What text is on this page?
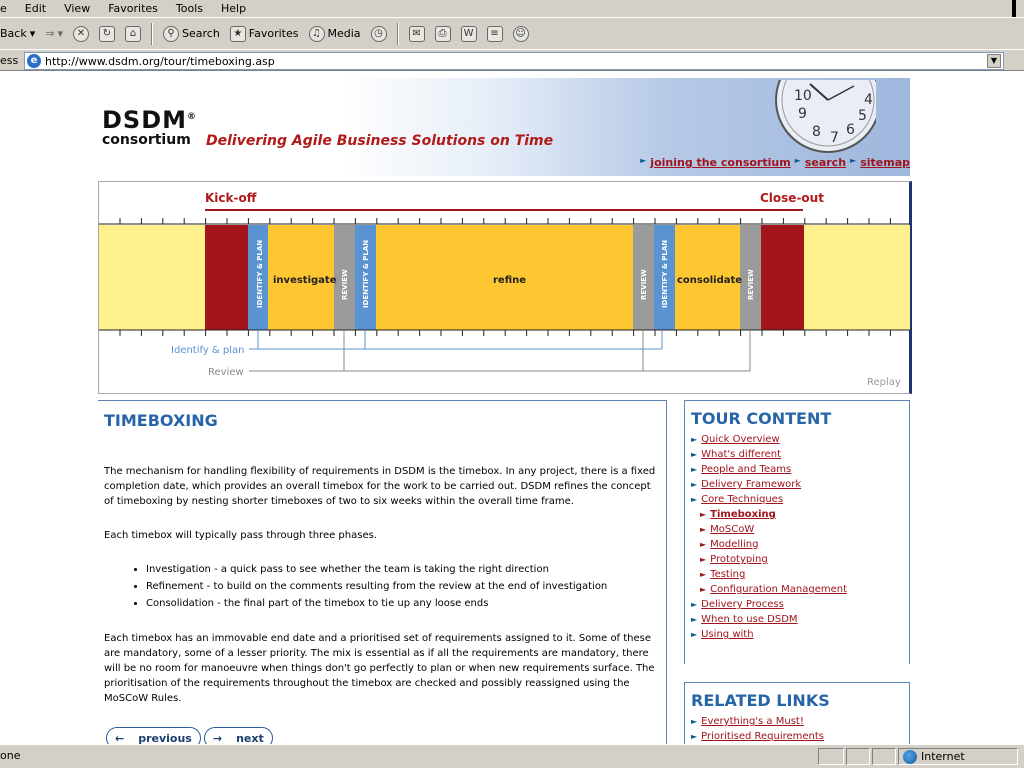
e	Edit	View	Favorites	Tools	Help
Back ▾ ⇒ ▾	✕	↻	⌂	⚲ Search	★ Favorites	♫ Media	◷	✉	⎙	W	≡	☺
ess	e http://www.dsdm.org/tour/timeboxing.asp	▼
DSDM®
consortium Delivering Agile Business Solutions on Time
9
8 7 6
5
4
10
► joining the consortium ► search ► sitemap
Kick-off	Close-out
IDENTIFY & PLAN	REVIEW IDENTIFY & PLAN	REVIEW IDENTIFY & PLAN	REVIEW
investigate	refine	consolidate
Identify & plan
Review
Replay
TIMEBOXING

The mechanism for handling flexibility of requirements in DSDM is the timebox. In any project, there is a fixed completion date, which provides an overall timebox for the work to be carried out. DSDM refines the concept of timeboxing by nesting shorter timeboxes of two to six weeks within the overall time frame.

Each timebox will typically pass through three phases.

• Investigation - a quick pass to see whether the team is taking the right direction
• Refinement - to build on the comments resulting from the review at the end of investigation
• Consolidation - the final part of the timebox to tie up any loose ends

Each timebox has an immovable end date and a prioritised set of requirements assigned to it. Some of these are mandatory, some of a lesser priority. The mix is essential as if all the requirements are mandatory, there will be no room for manoeuvre when things don't go perfectly to plan or when new requirements surface. The prioritisation of the requirements throughout the timebox are checked and possibly reassigned using the MoSCoW Rules.

← previous → next
TOUR CONTENT
► Quick Overview
► What's different
► People and Teams
► Delivery Framework
► Core Techniques
► Timeboxing
► MoSCoW
► Modelling
► Prototyping
► Testing
► Configuration Management
► Delivery Process
► When to use DSDM
► Using with
RELATED LINKS
► Everything's a Must!
► Prioritised Requirements
one	Internet
